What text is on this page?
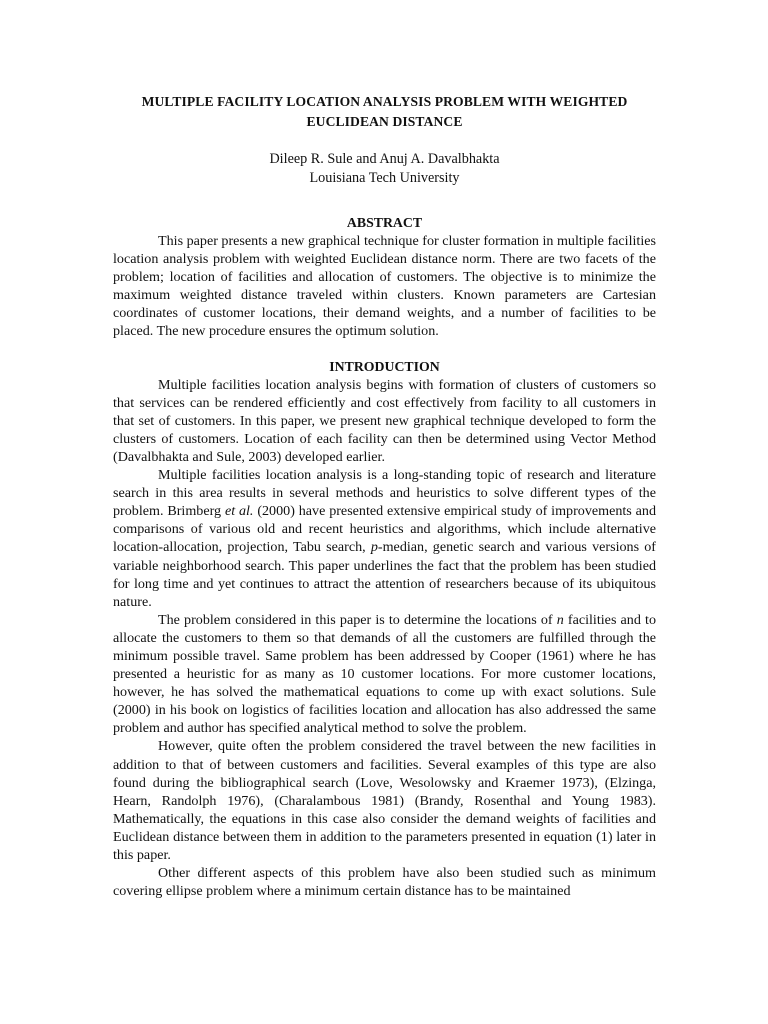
MULTIPLE FACILITY LOCATION ANALYSIS PROBLEM WITH WEIGHTED
EUCLIDEAN DISTANCE
Dileep R. Sule and Anuj A. Davalbhakta
Louisiana Tech University
ABSTRACT

This paper presents a new graphical technique for cluster formation in multiple facilities location analysis problem with weighted Euclidean distance norm. There are two facets of the problem; location of facilities and allocation of customers. The objective is to minimize the maximum weighted distance traveled within clusters. Known parameters are Cartesian coordinates of customer locations, their demand weights, and a number of facilities to be placed. The new procedure ensures the optimum solution.

INTRODUCTION

Multiple facilities location analysis begins with formation of clusters of customers so that services can be rendered efficiently and cost effectively from facility to all customers in that set of customers. In this paper, we present new graphical technique developed to form the clusters of customers. Location of each facility can then be determined using Vector Method (Davalbhakta and Sule, 2003) developed earlier.

Multiple facilities location analysis is a long-standing topic of research and literature search in this area results in several methods and heuristics to solve different types of the problem. Brimberg et al. (2000) have presented extensive empirical study of improvements and comparisons of various old and recent heuristics and algorithms, which include alternative location-allocation, projection, Tabu search, p-median, genetic search and various versions of variable neighborhood search. This paper underlines the fact that the problem has been studied for long time and yet continues to attract the attention of researchers because of its ubiquitous nature.

The problem considered in this paper is to determine the locations of n facilities and to allocate the customers to them so that demands of all the customers are fulfilled through the minimum possible travel. Same problem has been addressed by Cooper (1961) where he has presented a heuristic for as many as 10 customer locations. For more customer locations, however, he has solved the mathematical equations to come up with exact solutions. Sule (2000) in his book on logistics of facilities location and allocation has also addressed the same problem and author has specified analytical method to solve the problem.

However, quite often the problem considered the travel between the new facilities in addition to that of between customers and facilities. Several examples of this type are also found during the bibliographical search (Love, Wesolowsky and Kraemer 1973), (Elzinga, Hearn, Randolph 1976), (Charalambous 1981) (Brandy, Rosenthal and Young 1983). Mathematically, the equations in this case also consider the demand weights of facilities and Euclidean distance between them in addition to the parameters presented in equation (1) later in this paper.

Other different aspects of this problem have also been studied such as minimum covering ellipse problem where a minimum certain distance has to be maintained
